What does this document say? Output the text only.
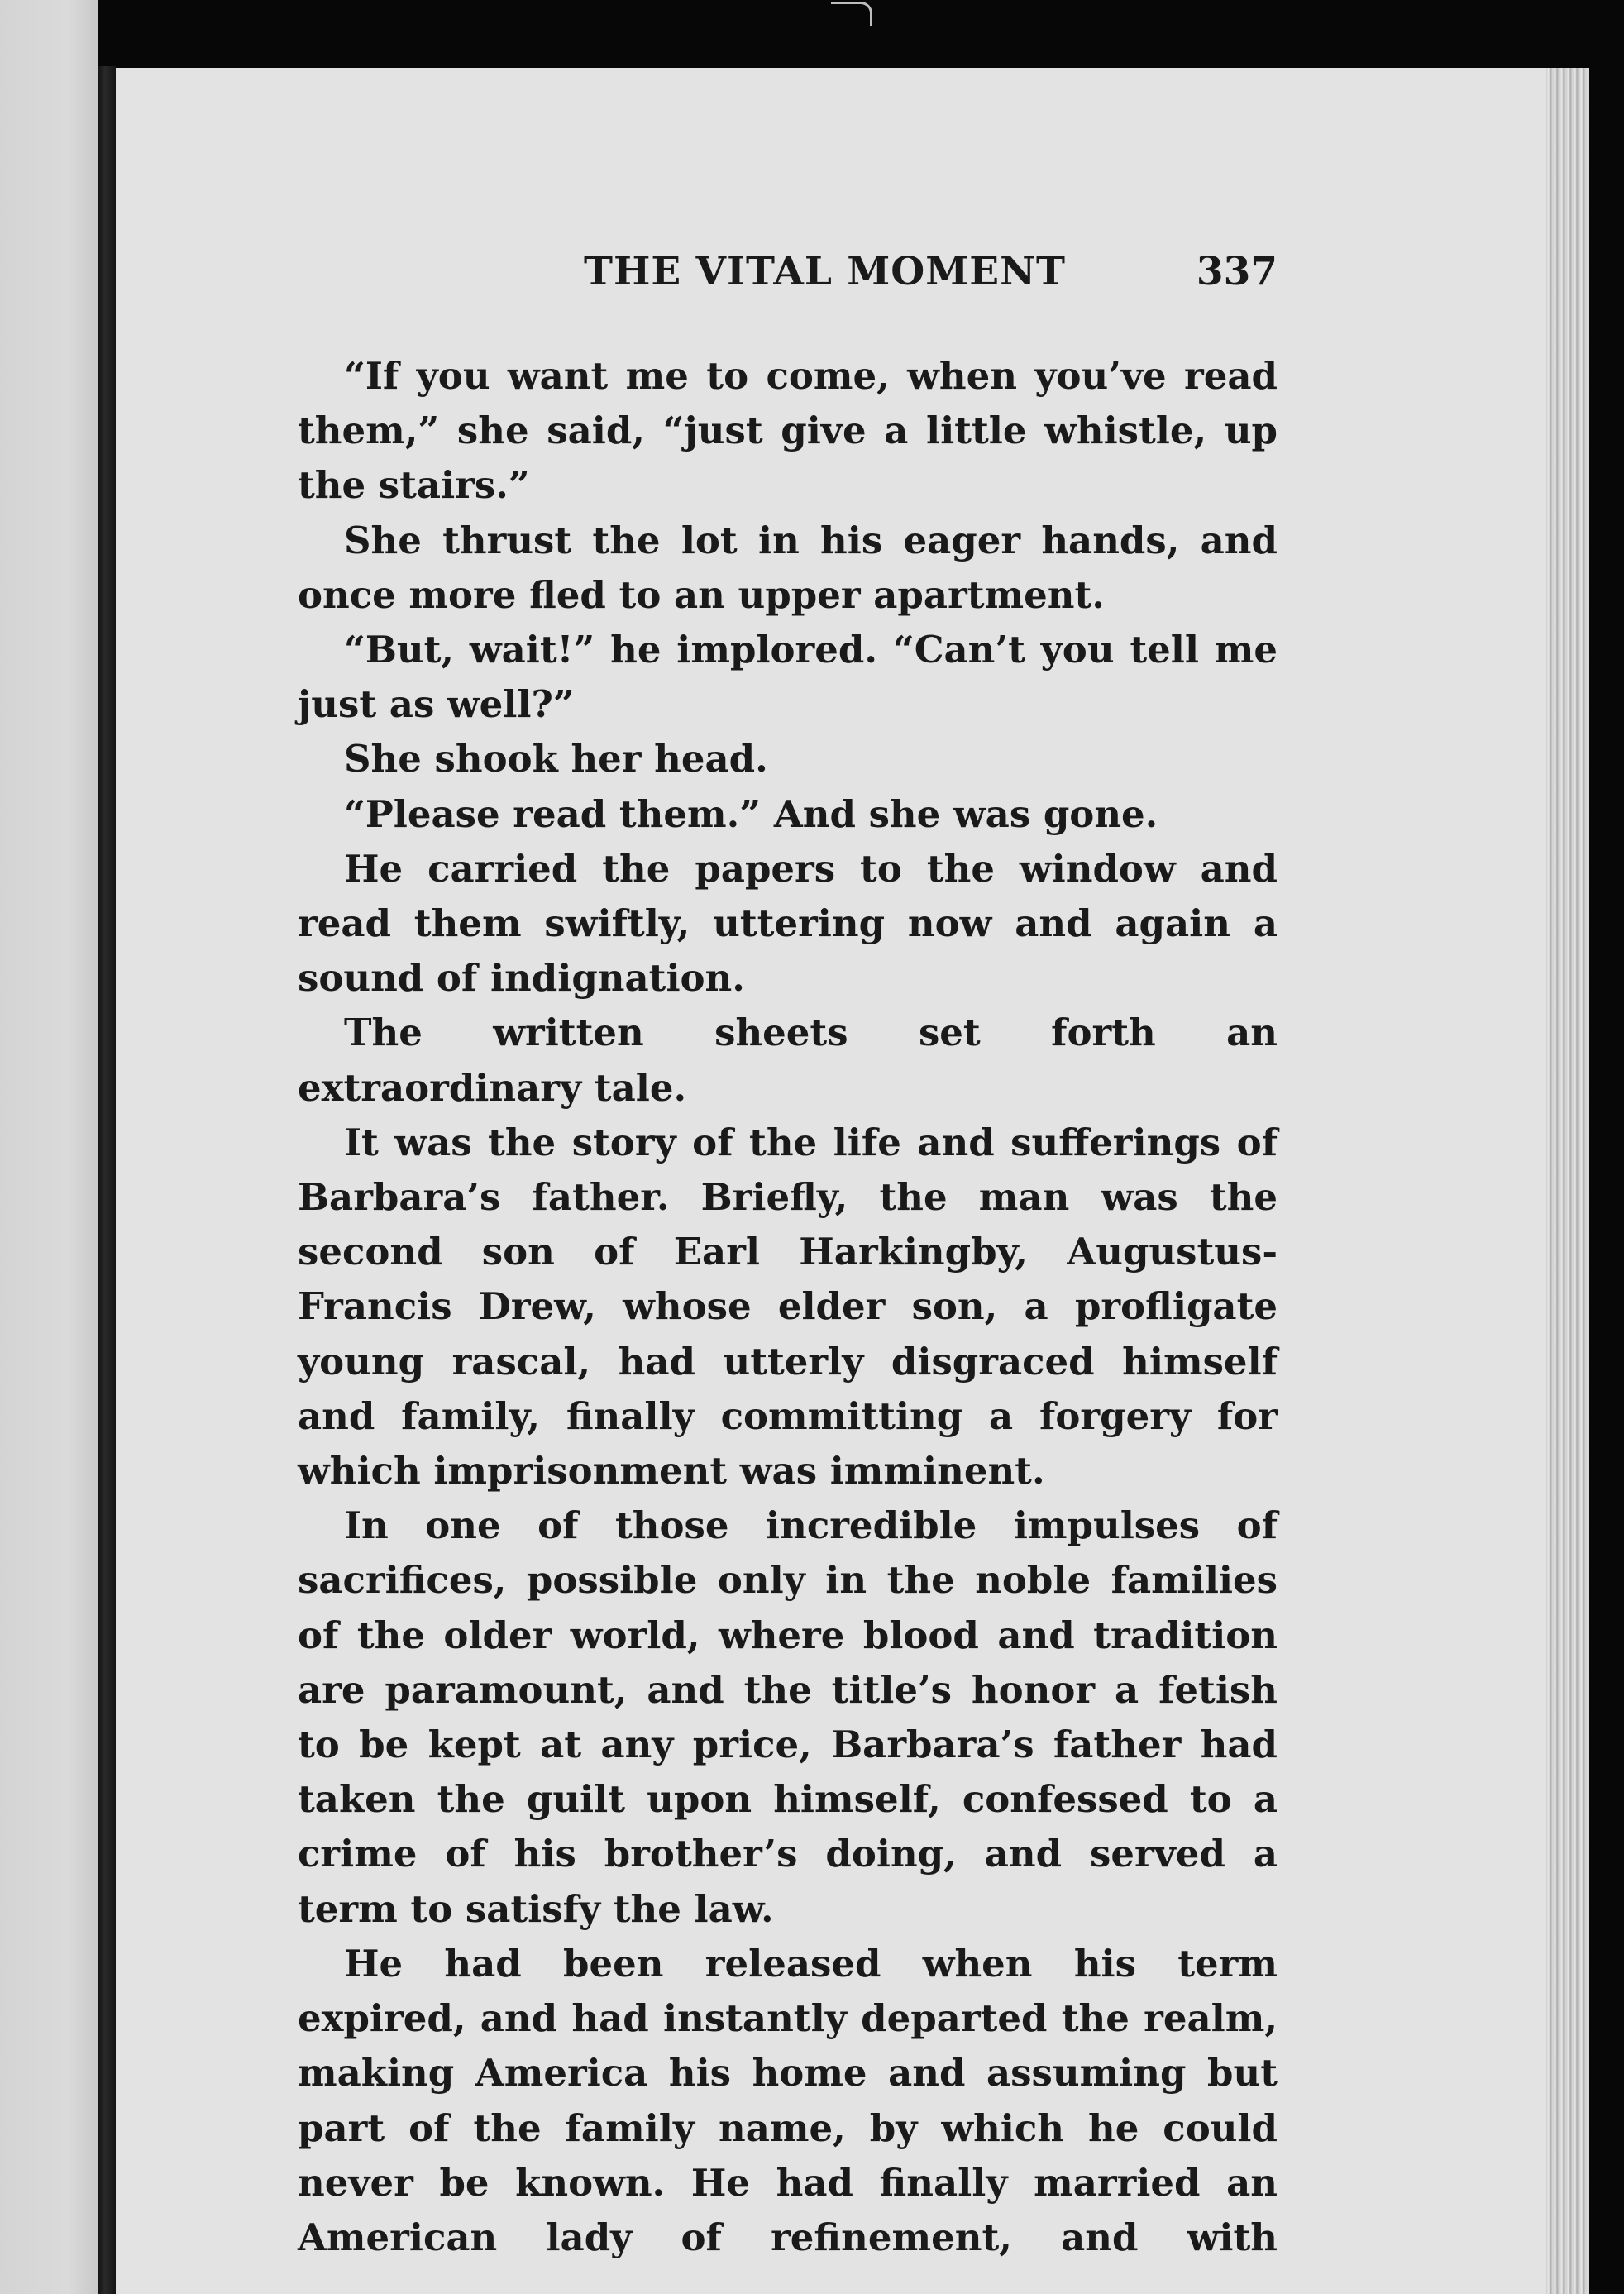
THE VITAL MOMENT	337

“If you want me to come, when you’ve read them,” she said, “just give a little whistle, up the stairs.”

She thrust the lot in his eager hands, and once more fled to an upper apartment.

“But, wait!” he implored. “Can’t you tell me just as well?”

She shook her head.

“Please read them.” And she was gone.

He carried the papers to the window and read them swiftly, uttering now and again a sound of indignation.

The written sheets set forth an extraordinary tale.

It was the story of the life and sufferings of Barbara’s father. Briefly, the man was the second son of Earl Harkingby, Augustus-Francis Drew, whose elder son, a profligate young rascal, had utterly disgraced himself and family, finally committing a forgery for which imprisonment was imminent.

In one of those incredible impulses of sacrifices, possible only in the noble families of the older world, where blood and tradition are paramount, and the title’s honor a fetish to be kept at any price, Barbara’s father had taken the guilt upon himself, confessed to a crime of his brother’s doing, and served a term to satisfy the law.

He had been released when his term expired, and had instantly departed the realm, making America his home and assuming but part of the family name, by which he could never be known. He had finally married an American lady of refinement, and with
